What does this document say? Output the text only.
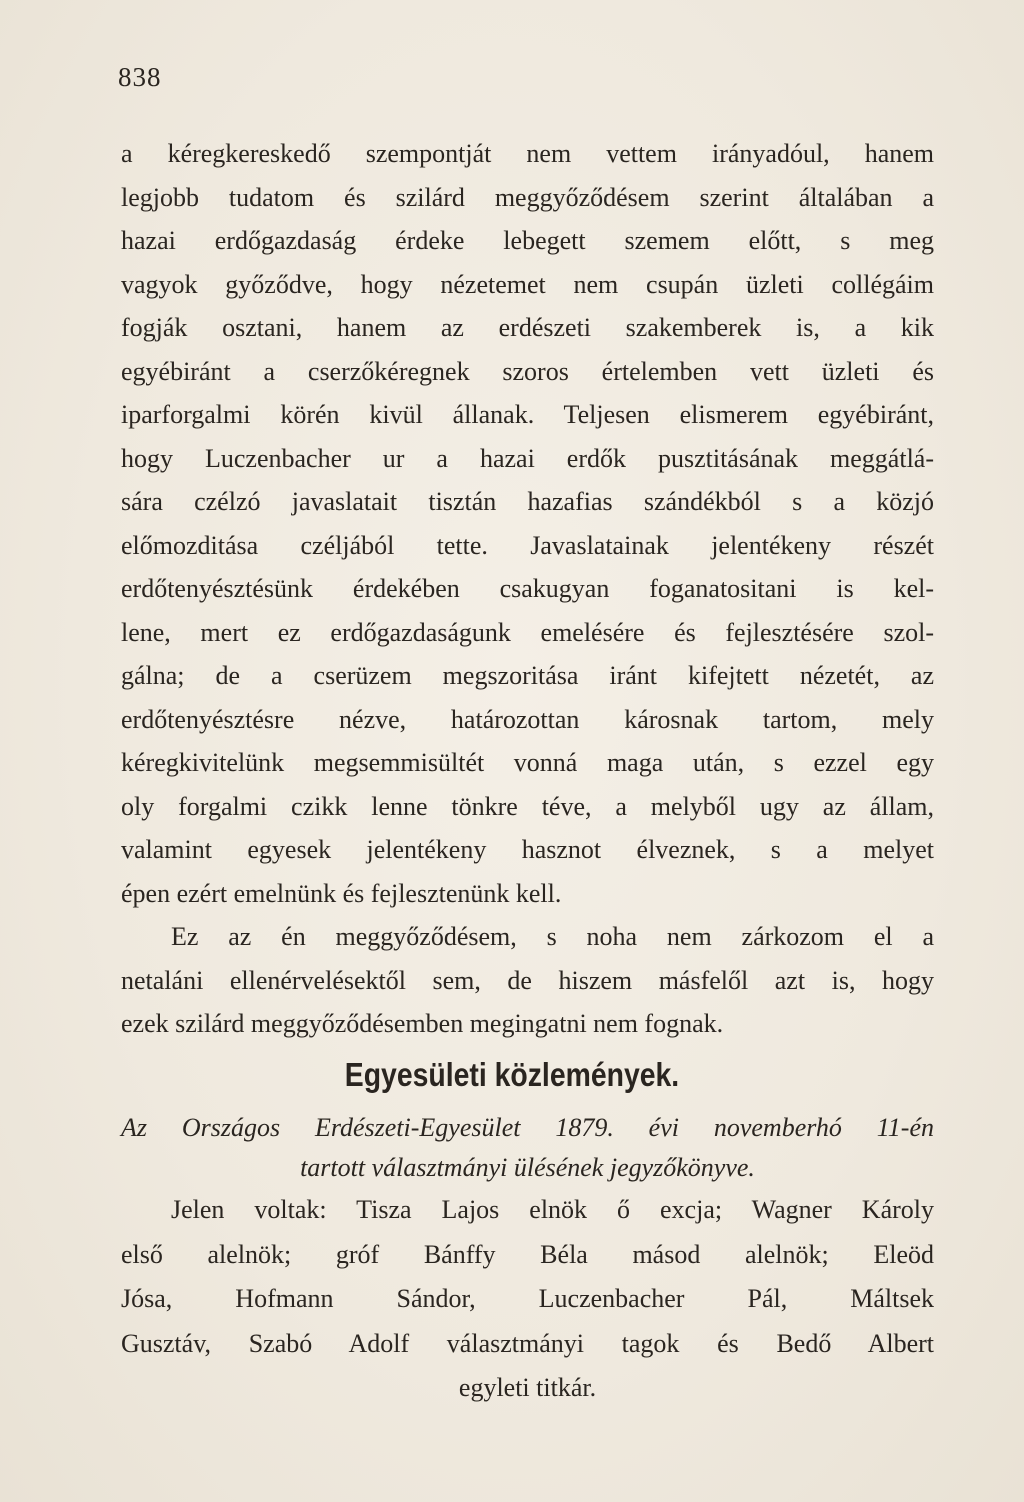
838
a kéregkereskedő szempontját nem vettem irányadóul, hanem
legjobb tudatom és szilárd meggyőződésem szerint általában a
hazai erdőgazdaság érdeke lebegett szemem előtt, s meg
vagyok győződve, hogy nézetemet nem csupán üzleti collégáim
fogják osztani, hanem az erdészeti szakemberek is, a kik
egyébiránt a cserzőkéregnek szoros értelemben vett üzleti és
iparforgalmi körén kivül állanak. Teljesen elismerem egyébiránt,
hogy Luczenbacher ur a hazai erdők pusztitásának meggátlá-
sára czélzó javaslatait tisztán hazafias szándékból s a közjó
előmozditása czéljából tette. Javaslatainak jelentékeny részét
erdőtenyésztésünk érdekében csakugyan foganatositani is kel-
lene, mert ez erdőgazdaságunk emelésére és fejlesztésére szol-
gálna; de a cserüzem megszoritása iránt kifejtett nézetét, az
erdőtenyésztésre nézve, határozottan károsnak tartom, mely
kéregkivitelünk megsemmisültét vonná maga után, s ezzel egy
oly forgalmi czikk lenne tönkre téve, a melyből ugy az állam,
valamint egyesek jelentékeny hasznot élveznek, s a melyet
épen ezért emelnünk és fejlesztenünk kell.
Ez az én meggyőződésem, s noha nem zárkozom el a
netaláni ellenérvelésektől sem, de hiszem másfelől azt is, hogy
ezek szilárd meggyőződésemben megingatni nem fognak.
Egyesületi közlemények.
Az Országos Erdészeti-Egyesület 1879. évi novemberhó 11-én
tartott választmányi ülésének jegyzőkönyve.
Jelen voltak: Tisza Lajos elnök ő excja; Wagner Károly
első alelnök; gróf Bánffy Béla másod alelnök; Eleöd
Jósa, Hofmann Sándor, Luczenbacher Pál, Máltsek
Gusztáv, Szabó Adolf választmányi tagok és Bedő Albert
egyleti titkár.
